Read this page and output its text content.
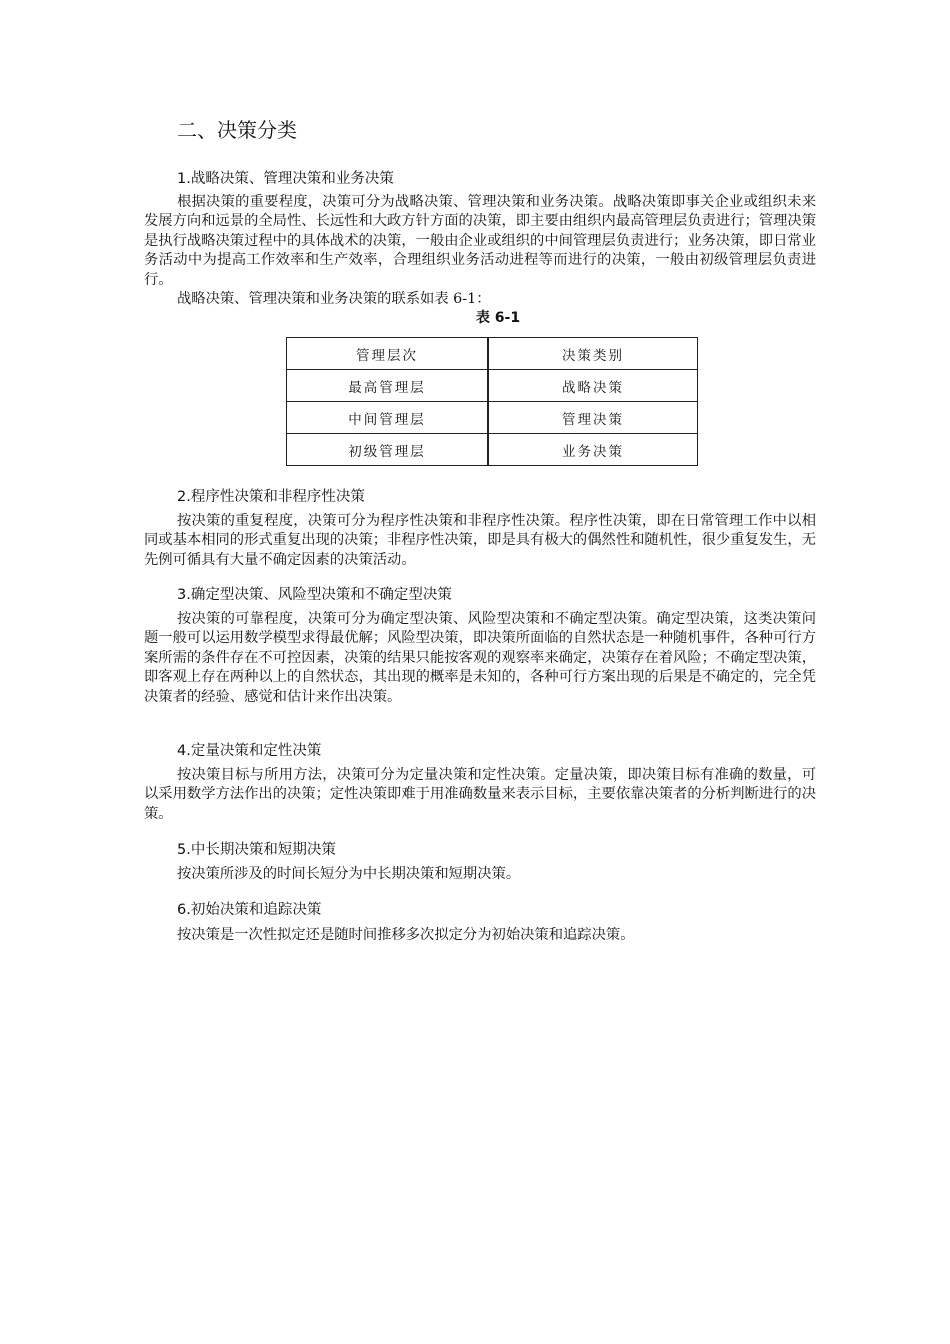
二、决策分类
1.战略决策、管理决策和业务决策

根据决策的重要程度，决策可分为战略决策、管理决策和业务决策。战略决策即事关企业或组织未来发展方向和远景的全局性、长远性和大政方针方面的决策，即主要由组织内最高管理层负责进行；管理决策是执行战略决策过程中的具体战术的决策，一般由企业或组织的中间管理层负责进行；业务决策，即日常业务活动中为提高工作效率和生产效率，合理组织业务活动进程等而进行的决策，一般由初级管理层负责进行。

战略决策、管理决策和业务决策的联系如表 6-1：

表 6-1

管理层次	决策类别
最高管理层	战略决策
中间管理层	管理决策
初级管理层	业务决策
2.程序性决策和非程序性决策

按决策的重复程度，决策可分为程序性决策和非程序性决策。程序性决策，即在日常管理工作中以相同或基本相同的形式重复出现的决策；非程序性决策，即是具有极大的偶然性和随机性，很少重复发生，无先例可循具有大量不确定因素的决策活动。

3.确定型决策、风险型决策和不确定型决策

按决策的可靠程度，决策可分为确定型决策、风险型决策和不确定型决策。确定型决策，这类决策问题一般可以运用数学模型求得最优解；风险型决策，即决策所面临的自然状态是一种随机事件，各种可行方案所需的条件存在不可控因素，决策的结果只能按客观的观察率来确定，决策存在着风险；不确定型决策，即客观上存在两种以上的自然状态，其出现的概率是未知的，各种可行方案出现的后果是不确定的，完全凭决策者的经验、感觉和估计来作出决策。

4.定量决策和定性决策

按决策目标与所用方法，决策可分为定量决策和定性决策。定量决策，即决策目标有准确的数量，可以采用数学方法作出的决策；定性决策即难于用准确数量来表示目标，主要依靠决策者的分析判断进行的决策。

5.中长期决策和短期决策

按决策所涉及的时间长短分为中长期决策和短期决策。

6.初始决策和追踪决策

按决策是一次性拟定还是随时间推移多次拟定分为初始决策和追踪决策。
